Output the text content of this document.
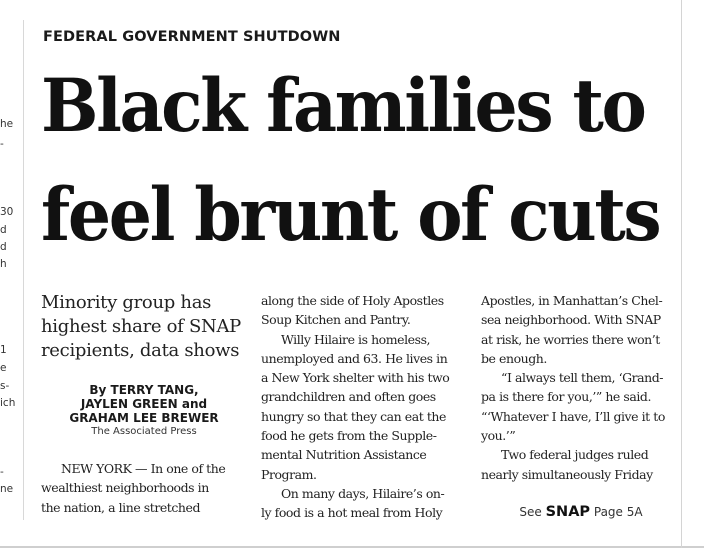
he
-
30
d
d
h
1
e
s-
ich
-
ne
FEDERAL GOVERNMENT SHUTDOWN
Black families to
feel brunt of cuts

Minority group has
highest share of SNAP
recipients, data shows

By TERRY TANG,
JAYLEN GREEN and
GRAHAM LEE BREWER
The Associated Press

NEW YORK — In one of the
wealthiest neighborhoods in
the nation, a line stretched

along the side of Holy Apostles
Soup Kitchen and Pantry.
Willy Hilaire is homeless,
unemployed and 63. He lives in
a New York shelter with his two
grandchildren and often goes
hungry so that they can eat the
food he gets from the Supple-
mental Nutrition Assistance
Program.
On many days, Hilaire’s on-
ly food is a hot meal from Holy

Apostles, in Manhattan’s Chel-
sea neighborhood. With SNAP
at risk, he worries there won’t
be enough.
“I always tell them, ‘Grand-
pa is there for you,’” he said.
“‘Whatever I have, I’ll give it to
you.’”
Two federal judges ruled
nearly simultaneously Friday

See SNAP Page 5A
